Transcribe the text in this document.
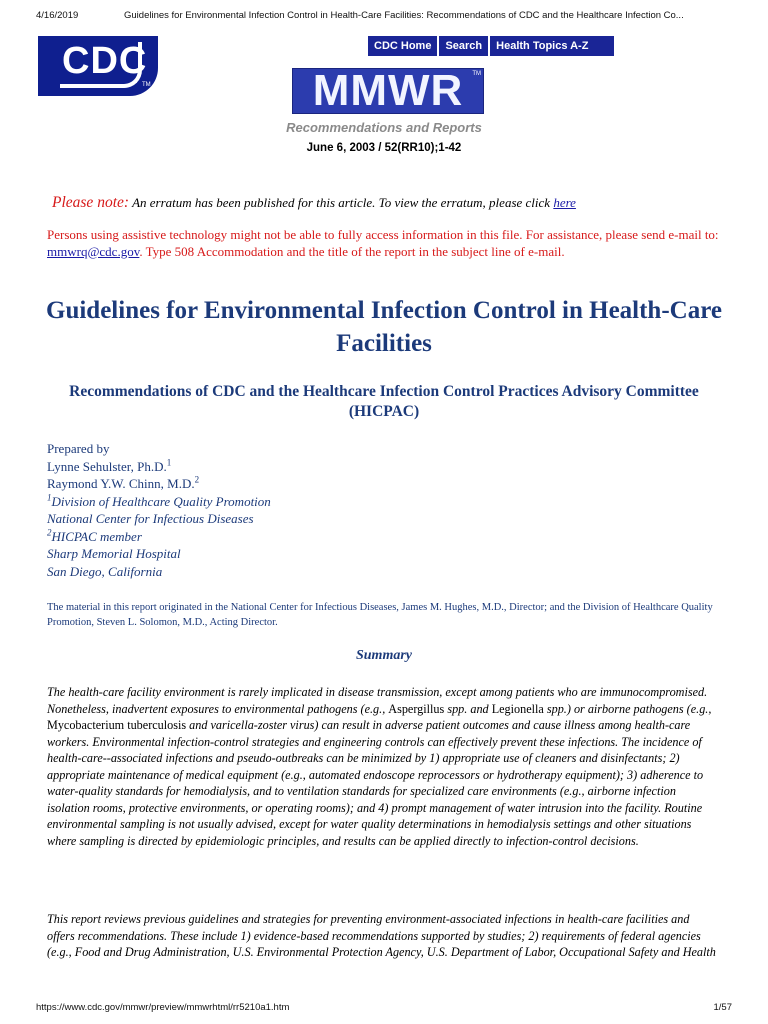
4/16/2019	Guidelines for Environmental Infection Control in Health-Care Facilities: Recommendations of CDC and the Healthcare Infection Co...
CDC
TM
CDC Home	Search	Health Topics A-Z
MMWR	TM
Recommendations and Reports
June 6, 2003 / 52(RR10);1-42
Please note: An erratum has been published for this article. To view the erratum, please click here
Persons using assistive technology might not be able to fully access information in this file. For assistance, please send e-mail to: mmwrq@cdc.gov. Type 508 Accommodation and the title of the report in the subject line of e-mail.
Guidelines for Environmental Infection Control in Health-Care Facilities
Recommendations of CDC and the Healthcare Infection Control Practices Advisory Committee (HICPAC)
Prepared by
Lynne Sehulster, Ph.D.$^1$
Raymond Y.W. Chinn, M.D.$^2$
$^1$Division of Healthcare Quality Promotion
National Center for Infectious Diseases
$^2$HICPAC member
Sharp Memorial Hospital
San Diego, California
The material in this report originated in the National Center for Infectious Diseases, James M. Hughes, M.D., Director; and the Division of Healthcare Quality Promotion, Steven L. Solomon, M.D., Acting Director.
Summary
The health-care facility environment is rarely implicated in disease transmission, except among patients who are immunocompromised. Nonetheless, inadvertent exposures to environmental pathogens (e.g., Aspergillus spp. and Legionella spp.) or airborne pathogens (e.g., Mycobacterium tuberculosis and varicella-zoster virus) can result in adverse patient outcomes and cause illness among health-care workers. Environmental infection-control strategies and engineering controls can effectively prevent these infections. The incidence of health-care--associated infections and pseudo-outbreaks can be minimized by 1) appropriate use of cleaners and disinfectants; 2) appropriate maintenance of medical equipment (e.g., automated endoscope reprocessors or hydrotherapy equipment); 3) adherence to water-quality standards for hemodialysis, and to ventilation standards for specialized care environments (e.g., airborne infection isolation rooms, protective environments, or operating rooms); and 4) prompt management of water intrusion into the facility. Routine environmental sampling is not usually advised, except for water quality determinations in hemodialysis settings and other situations where sampling is directed by epidemiologic principles, and results can be applied directly to infection-control decisions.
This report reviews previous guidelines and strategies for preventing environment-associated infections in health-care facilities and offers recommendations. These include 1) evidence-based recommendations supported by studies; 2) requirements of federal agencies (e.g., Food and Drug Administration, U.S. Environmental Protection Agency, U.S. Department of Labor, Occupational Safety and Health
https://www.cdc.gov/mmwr/preview/mmwrhtml/rr5210a1.htm	1/57
